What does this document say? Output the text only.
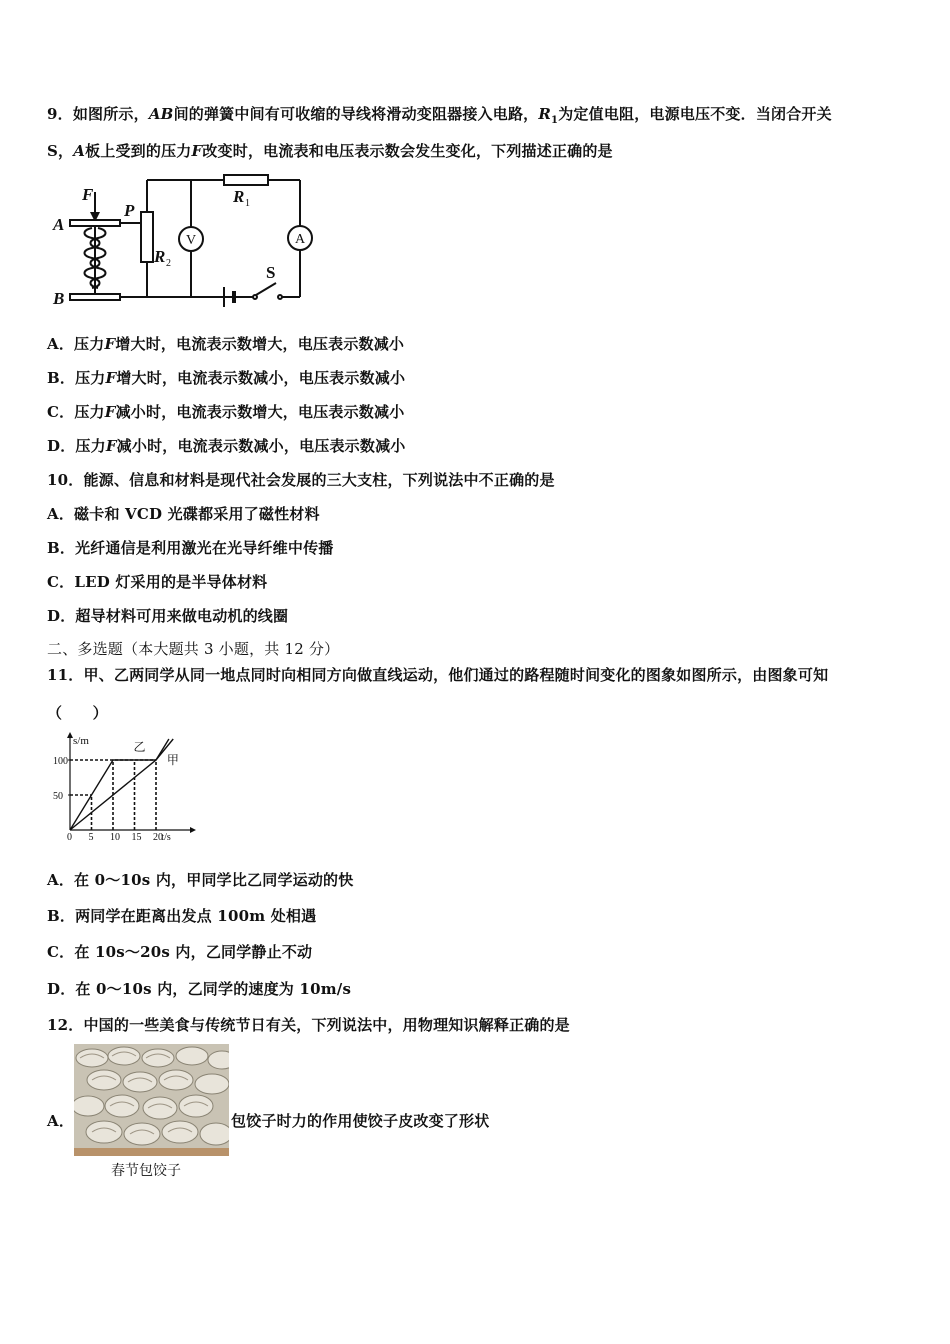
9．如图所示，AB间的弹簧中间有可收缩的导线将滑动变阻器接入电路，$R_1$为定值电阻，电源电压不变．当闭合开关
S，A板上受到的压力F改变时，电流表和电压表示数会发生变化，下列描述正确的是
F
A
P
B
R
R
S
1
2
V	A
A．压力F增大时，电流表示数增大，电压表示数减小
B．压力F增大时，电流表示数减小，电压表示数减小
C．压力F减小时，电流表示数增大，电压表示数减小
D．压力F减小时，电流表示数减小，电压表示数减小
10．能源、信息和材料是现代社会发展的三大支柱，下列说法中不正确的是
A．磁卡和 VCD 光碟都采用了磁性材料
B．光纤通信是利用激光在光导纤维中传播
C．LED 灯采用的是半导体材料
D．超导材料可用来做电动机的线圈
二、多选题（本大题共 3 小题，共 12 分）
11．甲、乙两同学从同一地点同时向相同方向做直线运动，他们通过的路程随时间变化的图象如图所示，由图象可知
（　　）
s/m
0 5 10 15 20
t/s
50
100
乙
甲
A．在 0～10s 内，甲同学比乙同学运动的快
B．两同学在距离出发点 100m 处相遇
C．在 10s～20s 内，乙同学静止不动
D．在 0～10s 内，乙同学的速度为 10m/s
12．中国的一些美食与传统节日有关，下列说法中，用物理知识解释正确的是
A．
春节包饺子
包饺子时力的作用使饺子皮改变了形状
